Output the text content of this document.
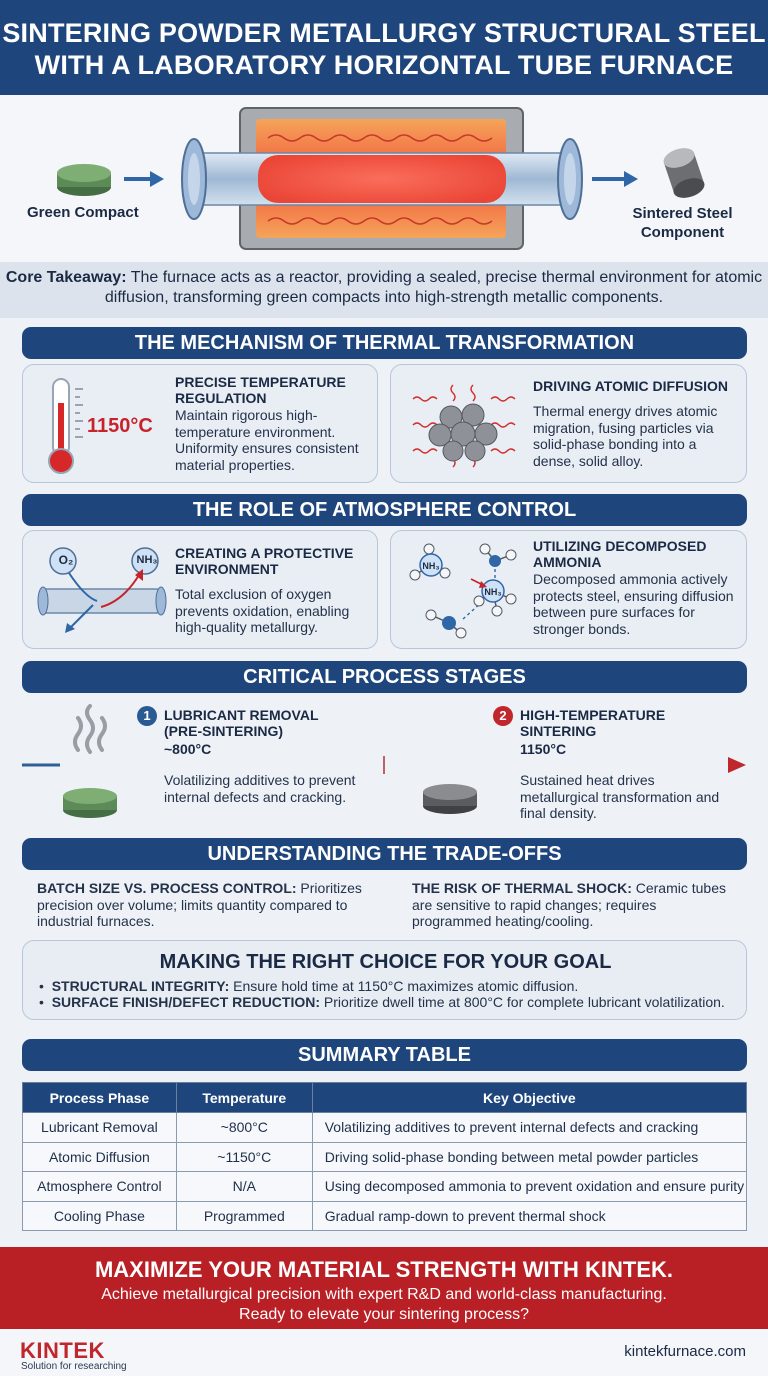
SINTERING POWDER METALLURGY STRUCTURAL STEEL WITH A LABORATORY HORIZONTAL TUBE FURNACE
Green Compact	Sintered Steel Component
Core Takeaway: The furnace acts as a reactor, providing a sealed, precise thermal environment for atomic diffusion, transforming green compacts into high-strength metallic components.
THE MECHANISM OF THERMAL TRANSFORMATION
1150°C
PRECISE TEMPERATURE REGULATION
Maintain rigorous high-temperature environment. Uniformity ensures consistent material properties.
DRIVING ATOMIC DIFFUSION
Thermal energy drives atomic migration, fusing particles via solid-phase bonding into a dense, solid alloy.
THE ROLE OF ATMOSPHERE CONTROL
O₂	NH₃	CREATING A PROTECTIVE ENVIRONMENT
Total exclusion of oxygen prevents oxidation, enabling high-quality metallurgy.
NH₃
NH₃
UTILIZING DECOMPOSED AMMONIA
Decomposed ammonia actively protects steel, ensuring diffusion between pure surfaces for stronger bonds.
CRITICAL PROCESS STAGES
1 LUBRICANT REMOVAL (PRE-SINTERING)
~800°C
Volatilizing additives to prevent internal defects and cracking.
2 HIGH-TEMPERATURE SINTERING
1150°C
Sustained heat drives metallurgical transformation and final density.
UNDERSTANDING THE TRADE-OFFS
BATCH SIZE VS. PROCESS CONTROL: Prioritizes precision over volume; limits quantity compared to industrial furnaces.
THE RISK OF THERMAL SHOCK: Ceramic tubes are sensitive to rapid changes; requires programmed heating/cooling.
MAKING THE RIGHT CHOICE FOR YOUR GOAL
•  STRUCTURAL INTEGRITY: Ensure hold time at 1150°C maximizes atomic diffusion.
•  SURFACE FINISH/DEFECT REDUCTION: Prioritize dwell time at 800°C for complete lubricant volatilization.
SUMMARY TABLE
Process Phase	Temperature	Key Objective
Lubricant Removal	~800°C	Volatilizing additives to prevent internal defects and cracking
Atomic Diffusion	~1150°C	Driving solid-phase bonding between metal powder particles
Atmosphere Control	N/A	Using decomposed ammonia to prevent oxidation and ensure purity
Cooling Phase	Programmed	Gradual ramp-down to prevent thermal shock
MAXIMIZE YOUR MATERIAL STRENGTH WITH KINTEK.
Achieve metallurgical precision with expert R&D and world-class manufacturing.
Ready to elevate your sintering process?
KINTEK
Solution for researching
kintekfurnace.com
